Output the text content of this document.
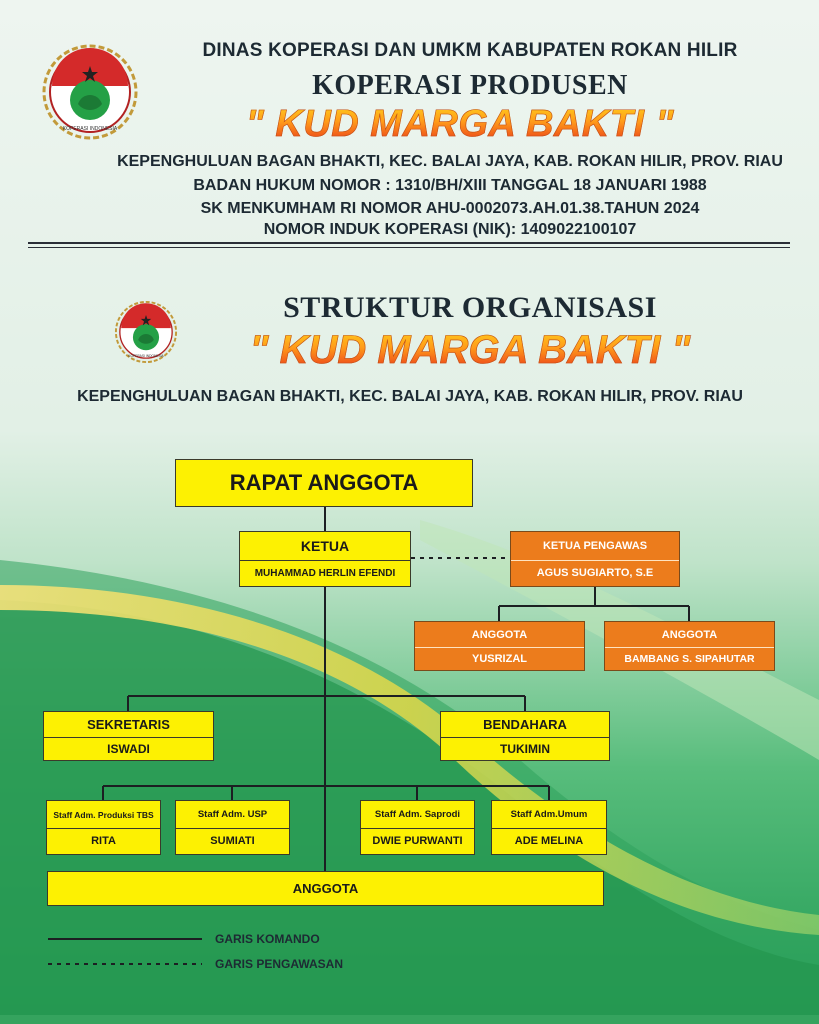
KOPERASI INDONESIA
KOPERASI INDONESIA
DINAS KOPERASI DAN UMKM KABUPATEN ROKAN HILIR
KOPERASI PRODUSEN
" KUD MARGA BAKTI "
KEPENGHULUAN BAGAN BHAKTI, KEC. BALAI JAYA, KAB. ROKAN HILIR, PROV. RIAU
BADAN HUKUM NOMOR : 1310/BH/XIII TANGGAL 18 JANUARI 1988
SK MENKUMHAM RI NOMOR AHU-0002073.AH.01.38.TAHUN 2024
NOMOR INDUK KOPERASI (NIK): 1409022100107
STRUKTUR ORGANISASI
" KUD MARGA BAKTI "
KEPENGHULUAN BAGAN BHAKTI, KEC. BALAI JAYA, KAB. ROKAN HILIR, PROV. RIAU
RAPAT ANGGOTA
KETUA
MUHAMMAD HERLIN EFENDI
KETUA PENGAWAS
AGUS SUGIARTO, S.E
ANGGOTA
YUSRIZAL
ANGGOTA
BAMBANG S. SIPAHUTAR
SEKRETARIS
ISWADI
BENDAHARA
TUKIMIN
Staff Adm. Produksi TBS
RITA
Staff Adm. USP
SUMIATI
Staff Adm. Saprodi
DWIE PURWANTI
Staff Adm.Umum
ADE MELINA
ANGGOTA
GARIS KOMANDO
GARIS PENGAWASAN
